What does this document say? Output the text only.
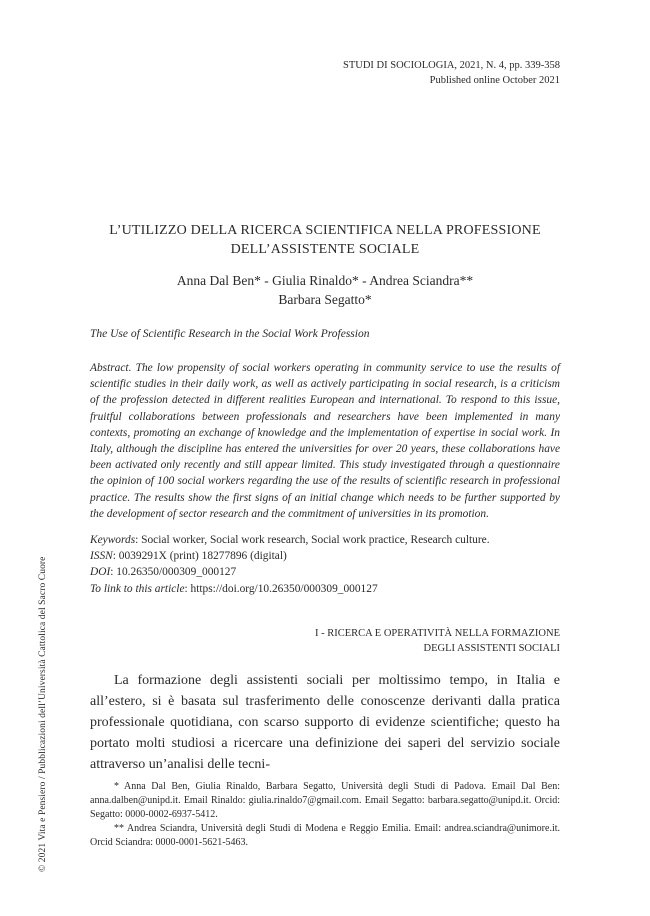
STUDI DI SOCIOLOGIA, 2021, N. 4, pp. 339-358
Published online October 2021
L’UTILIZZO DELLA RICERCA SCIENTIFICA NELLA PROFESSIONE
DELL’ASSISTENTE SOCIALE
Anna Dal Ben* - Giulia Rinaldo* - Andrea Sciandra**
Barbara Segatto*
The Use of Scientific Research in the Social Work Profession
Abstract. The low propensity of social workers operating in community service to use the results of scientific studies in their daily work, as well as actively participating in social research, is a criticism of the profession detected in different realities European and international. To respond to this issue, fruitful collaborations between professionals and researchers have been implemented in many contexts, promoting an exchange of knowledge and the implementation of expertise in social work. In Italy, although the discipline has entered the universities for over 20 years, these collaborations have been activated only recently and still appear limited. This study investigated through a questionnaire the opinion of 100 social workers regarding the use of the results of scientific research in professional practice. The results show the first signs of an initial change which needs to be further supported by the development of sector research and the commitment of universities in its promotion.
Keywords: Social worker, Social work research, Social work practice, Research culture.
ISSN: 0039291X (print) 18277896 (digital)
DOI: 10.26350/000309_000127
To link to this article: https://doi.org/10.26350/000309_000127
I - RICERCA E OPERATIVITÀ NELLA FORMAZIONE
DEGLI ASSISTENTI SOCIALI
La formazione degli assistenti sociali per moltissimo tempo, in Italia e all’estero, si è basata sul trasferimento delle conoscenze derivanti dalla pratica professionale quotidiana, con scarso supporto di evidenze scientifiche; questo ha portato molti studiosi a ricercare una definizione dei saperi del servizio sociale attraverso un’analisi delle tecni-
* Anna Dal Ben, Giulia Rinaldo, Barbara Segatto, Università degli Studi di Padova. Email Dal Ben: anna.dalben@unipd.it. Email Rinaldo: giulia.rinaldo7@gmail.com. Email Segatto: barbara.segatto@unipd.it. Orcid: Segatto: 0000-0002-6937-5412.
** Andrea Sciandra, Università degli Studi di Modena e Reggio Emilia. Email: andrea.sciandra@unimore.it. Orcid Sciandra: 0000-0001-5621-5463.
© 2021 Vita e Pensiero / Pubblicazioni dell’Università Cattolica del Sacro Cuore
